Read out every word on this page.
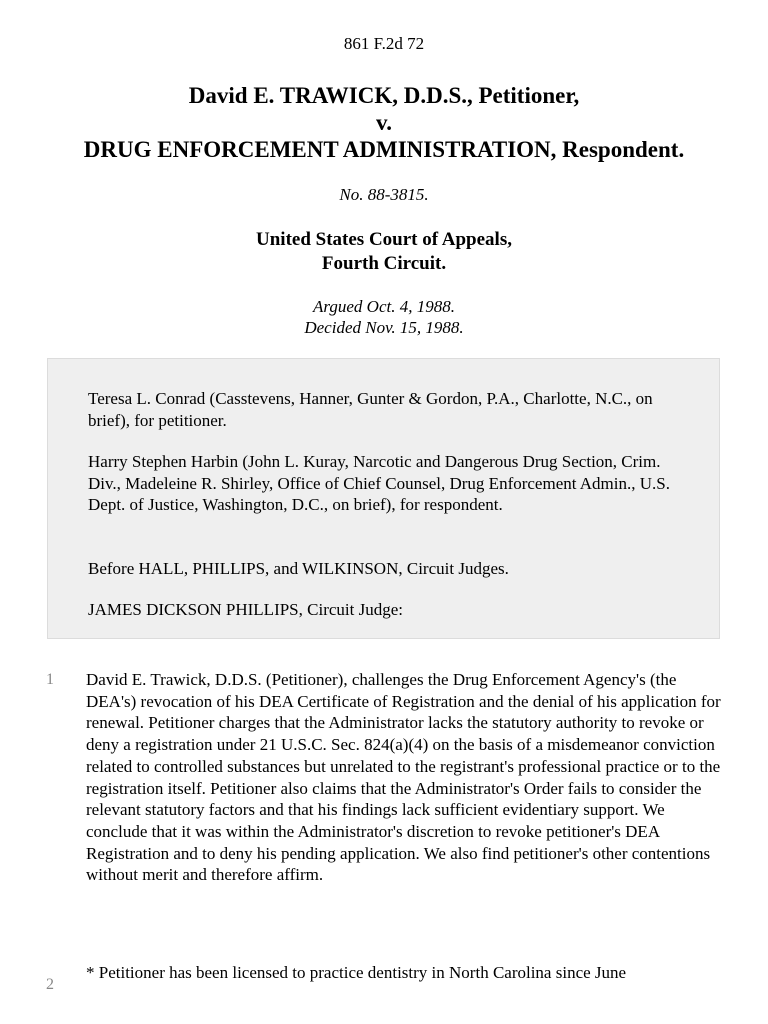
861 F.2d 72
David E. TRAWICK, D.D.S., Petitioner,
v.
DRUG ENFORCEMENT ADMINISTRATION, Respondent.
No. 88-3815.
United States Court of Appeals,
Fourth Circuit.
Argued Oct. 4, 1988.
Decided Nov. 15, 1988.

Teresa L. Conrad (Casstevens, Hanner, Gunter & Gordon, P.A., Charlotte, N.C., on brief), for petitioner.

Harry Stephen Harbin (John L. Kuray, Narcotic and Dangerous Drug Section, Crim. Div., Madeleine R. Shirley, Office of Chief Counsel, Drug Enforcement Admin., U.S. Dept. of Justice, Washington, D.C., on brief), for respondent.

Before HALL, PHILLIPS, and WILKINSON, Circuit Judges.

JAMES DICKSON PHILLIPS, Circuit Judge:

1 David E. Trawick, D.D.S. (Petitioner), challenges the Drug Enforcement Agency's (the DEA's) revocation of his DEA Certificate of Registration and the denial of his application for renewal. Petitioner charges that the Administrator lacks the statutory authority to revoke or deny a registration under 21 U.S.C. Sec. 824(a)(4) on the basis of a misdemeanor conviction related to controlled substances but unrelated to the registrant's professional practice or to the registration itself. Petitioner also claims that the Administrator's Order fails to consider the relevant statutory factors and that his findings lack sufficient evidentiary support. We conclude that it was within the Administrator's discretion to revoke petitioner's DEA Registration and to deny his pending application. We also find petitioner's other contentions without merit and therefore affirm.

2

* Petitioner has been licensed to practice dentistry in North Carolina since June
